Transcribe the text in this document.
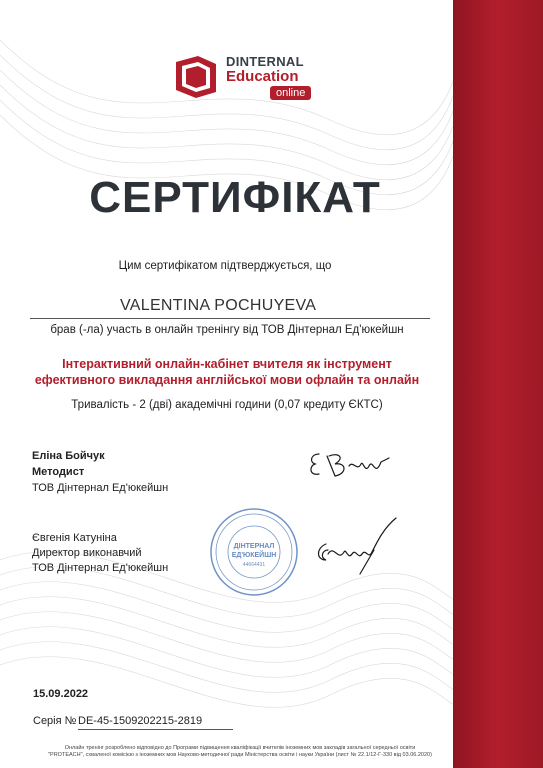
DINTERNAL
Education
online
СЕРТИФІКАТ
Цим сертифікатом підтверджується, що
VALENTINA POCHUYEVA
брав (-ла) участь в онлайн тренінгу від ТОВ Дінтернал Ед'юкейшн
Інтерактивний онлайн-кабінет вчителя як інструмент
ефективного викладання англійської мови офлайн та онлайн
Тривалість - 2 (дві) академічні години (0,07 кредиту ЄКТС)
Еліна Бойчук
Методист
ТОВ Дінтернал Ед'юкейшн
Євгенія Катуніна
Директор виконавчий
ТОВ Дінтернал Ед'юкейшн
ДІНТЕРНАЛ
ЕД'ЮКЕЙШН
44664431
15.09.2022
Серія № DE-45-1509202215-2819
Онлайн тренінг розроблено відповідно до Програми підвищення кваліфікації вчителів іноземних мов закладів загальної середньої освіти
"PROTEACH", схваленої комісією з іноземних мов Науково-методичної ради Міністерства освіти і науки України (лист № 22.1/12-Г-330 від 03.06.2020)
